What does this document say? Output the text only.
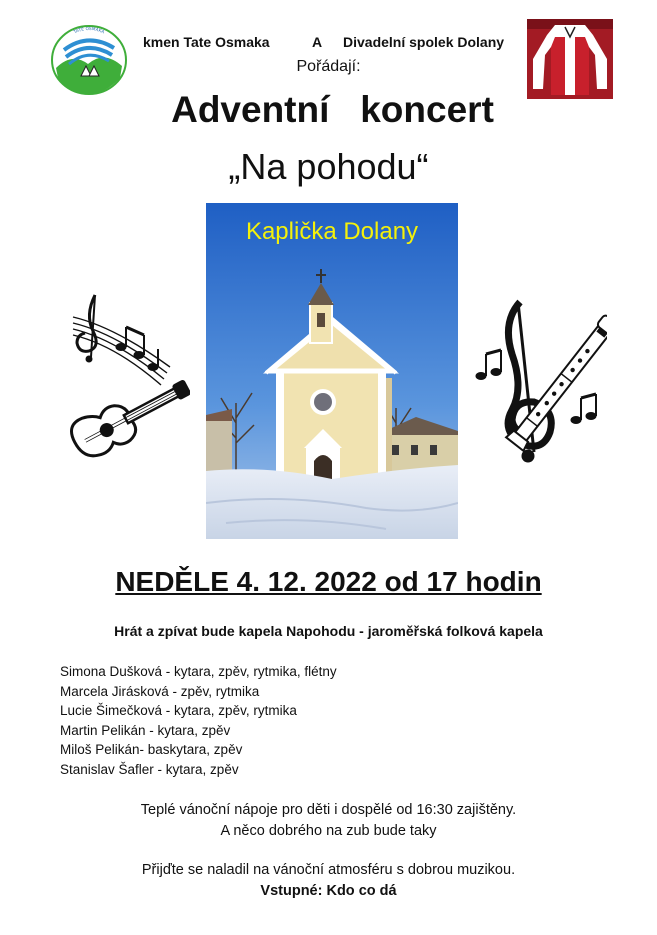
TATE OSMAKA
kmen Tate Osmaka	A Divadelní spolek Dolany
Pořádají:
Adventní   koncert
„Na pohodu“
Kaplička Dolany
NEDĚLE 4. 12. 2022 od 17 hodin
Hrát a zpívat bude kapela Napohodu - jaroměřská folková kapela
Simona Dušková - kytara, zpěv, rytmika, flétny
Marcela Jirásková - zpěv, rytmika
Lucie Šimečková - kytara, zpěv, rytmika
Martin Pelikán - kytara, zpěv
Miloš Pelikán- baskytara, zpěv
Stanislav Šafler - kytara, zpěv
Teplé vánoční nápoje pro děti i dospělé od 16:30 zajištěny.
A něco dobrého na zub bude taky
Přijďte se naladil na vánoční atmosféru s dobrou muzikou.
Vstupné: Kdo co dá
